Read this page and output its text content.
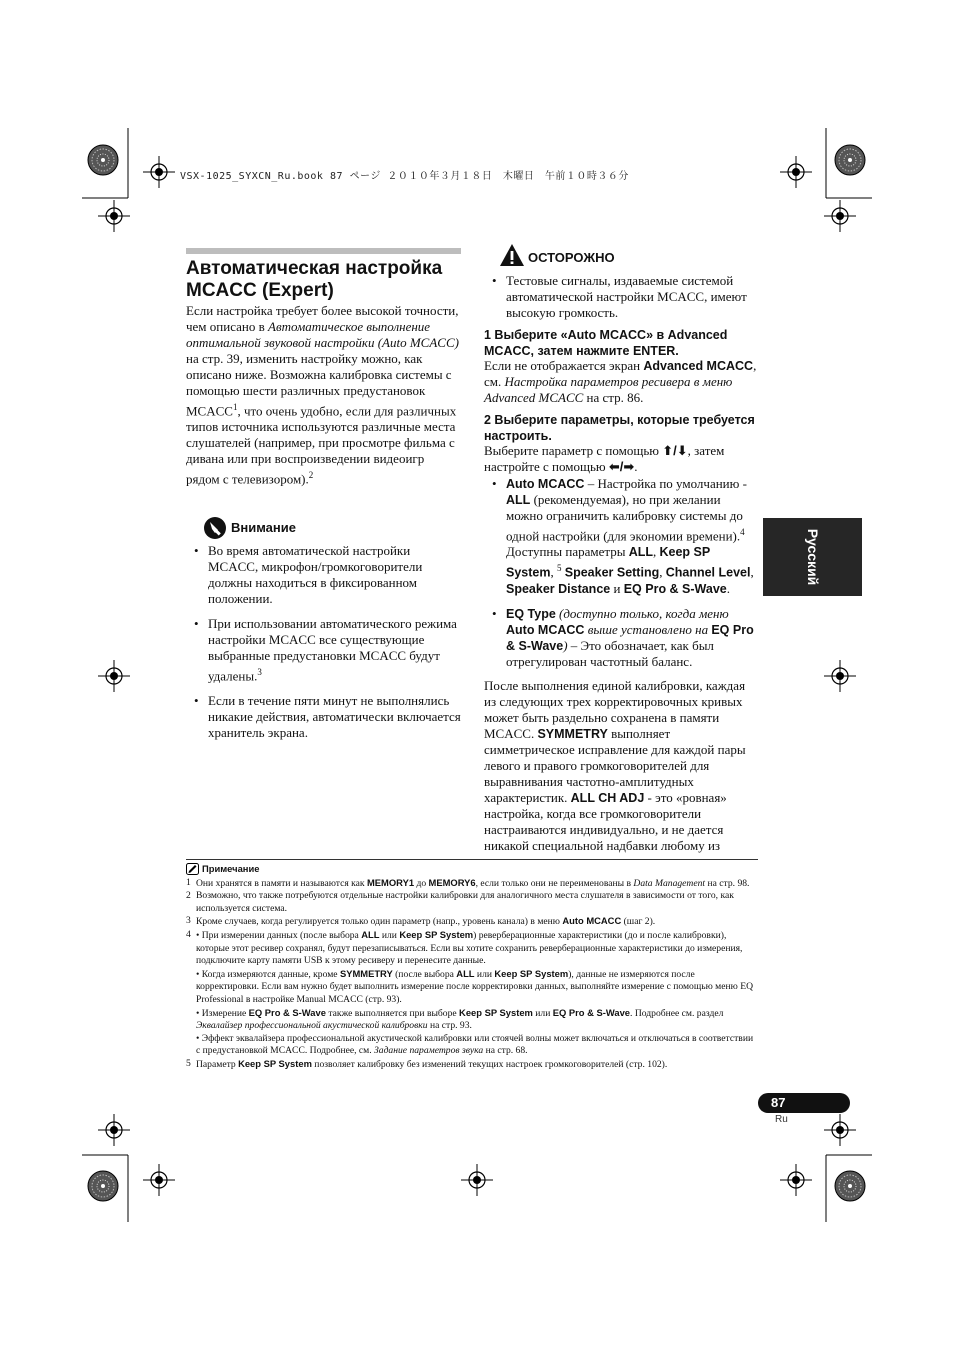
VSX-1025_SYXCN_Ru.book 87 ページ ２０１０年３月１８日　木曜日　午前１０時３６分
Автоматическая настройка
MCACC (Expert)
Если настройка требует более высокой точности, чем описано в Автоматическое выполнение оптимальной звуковой настройки (Auto MCACC) на стр. 39, изменить настройку можно, как описано ниже. Возможна калибровка системы с помощью шести различных предустановок MCACC$^1$, что очень удобно, если для различных типов источника используются различные места слушателей (например, при просмотре фильма с дивана или при воспроизведении видеоигр рядом с телевизором).$^2$
Внимание
• Во время автоматической настройки MCACC, микрофон/громкоговорители должны находиться в фиксированном положении.
• При использовании автоматического режима настройки MCACC все существующие выбранные предустановки MCACC будут удалены.$^3$
• Если в течение пяти минут не выполнялись никакие действия, автоматически включается хранитель экрана.
ОСТОРОЖНО
• Тестовые сигналы, издаваемые системой автоматической настройки MCACC, имеют высокую громкость.
1 Выберите «Auto MCACC» в Advanced MCACC, затем нажмите ENTER.
Если не отображается экран Advanced MCACC, см. Настройка параметров ресивера в меню Advanced MCACC на стр. 86.
2 Выберите параметры, которые требуется настроить.
Выберите параметр с помощью ⬆/⬇, затем настройте с помощью ⬅/➡.
• Auto MCACC – Настройка по умолчанию - ALL (рекомендуемая), но при желании можно ограничить калибровку системы до одной настройки (для экономии времени).$^4$ Доступны параметры ALL, Keep SP System, $^5$ Speaker Setting, Channel Level, Speaker Distance и EQ Pro & S-Wave.
• EQ Type (доступно только, когда меню Auto MCACC выше установлено на EQ Pro & S-Wave) – Это обозначает, как был отрегулирован частотный баланс.
После выполнения единой калибровки, каждая из следующих трех корректировочных кривых может быть раздельно сохранена в памяти MCACC. SYMMETRY выполняет симметрическое исправление для каждой пары левого и правого громкоговорителей для выравнивания частотно-амплитудных характеристик. ALL CH ADJ - это «ровная» настройка, когда все громкоговорители настраиваются индивидуально, и не дается никакой специальной надбавки любому из
Русский
Примечание
1 Они хранятся в памяти и называются как MEMORY1 до MEMORY6, если только они не переименованы в Data Management на стр. 98.
2 Возможно, что также потребуются отдельные настройки калибровки для аналогичного места слушателя в зависимости от того, как используется система.
3 Кроме случаев, когда регулируется только один параметр (напр., уровень канала) в меню Auto MCACC (шаг 2).
4 • При измерении данных (после выбора ALL или Keep SP System) реверберационные характеристики (до и после калибровки), которые этот ресивер сохранял, будут перезаписываться. Если вы хотите сохранить реверберационные характеристики до измерения, подключите карту памяти USB к этому ресиверу и перенесите данные.
• Когда измеряются данные, кроме SYMMETRY (после выбора ALL или Keep SP System), данные не измеряются после корректировки. Если вам нужно будет выполнить измерение после корректировки данных, выполняйте измерение с помощью меню EQ Professional в настройке Manual MCACC (стр. 93).
• Измерение EQ Pro & S-Wave также выполняется при выборе Keep SP System или EQ Pro & S-Wave. Подробнее см. раздел Эквалайзер профессиональной акустической калибровки на стр. 93.
• Эффект эквалайзера профессиональной акустической калибровки или стоячей волны может включаться и отключаться в соответствии с предустановкой MCACC. Подробнее, см. Задание параметров звука на стр. 68.
5 Параметр Keep SP System позволяет калибровку без изменений текущих настроек громкоговорителей (стр. 102).
87
Ru
